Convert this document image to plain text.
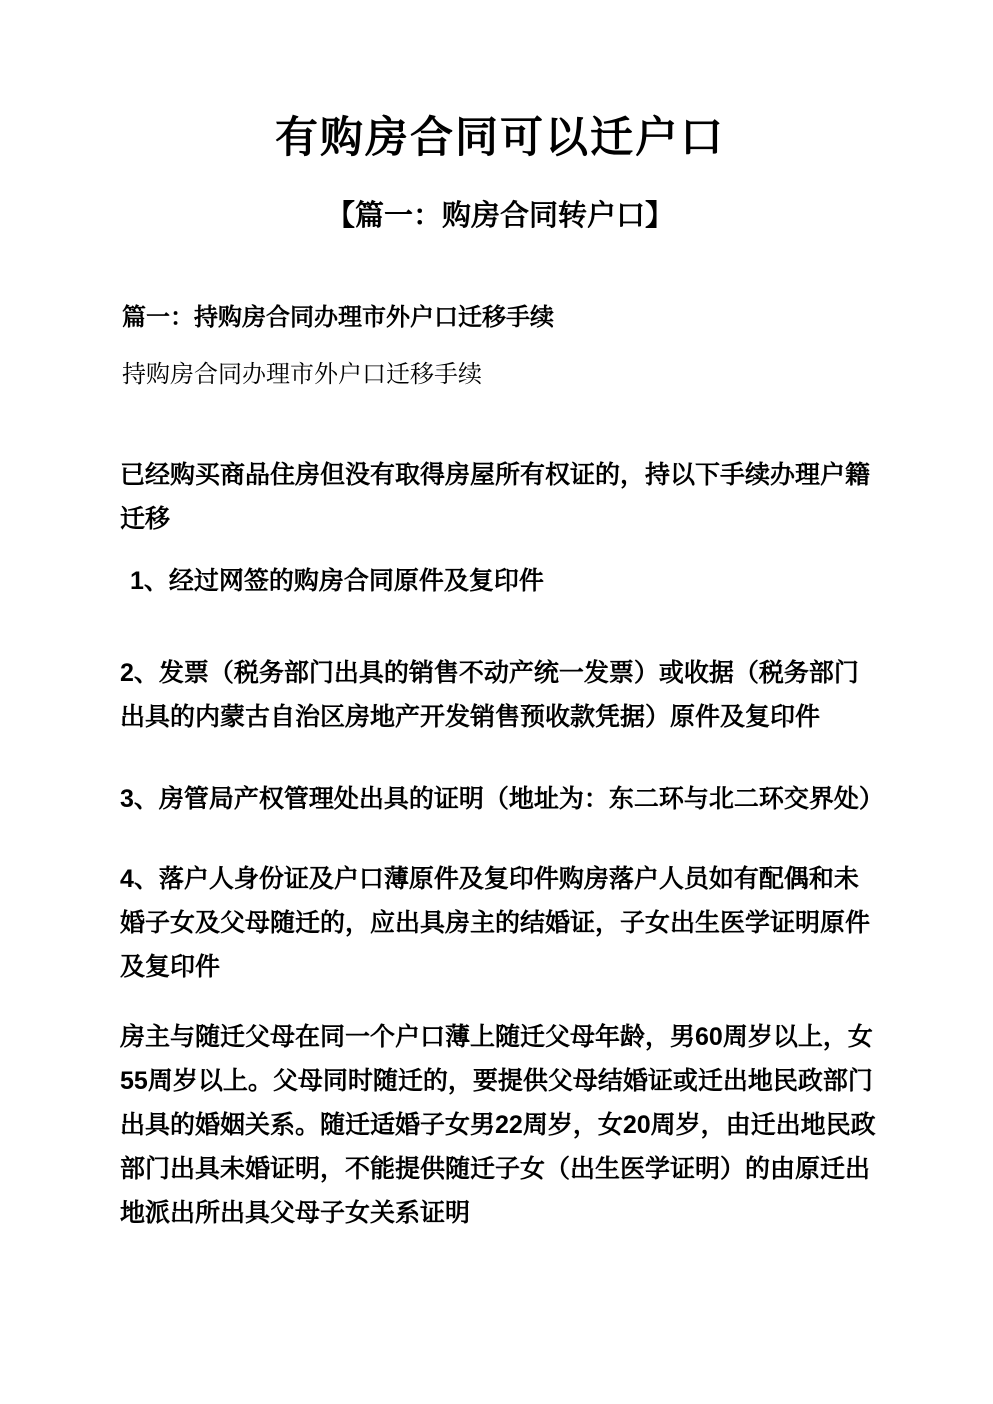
有购房合同可以迁户口
【篇一：购房合同转户口】

篇一：持购房合同办理市外户口迁移手续

持购房合同办理市外户口迁移手续

已经购买商品住房但没有取得房屋所有权证的，持以下手续办理户籍迁移

1、经过网签的购房合同原件及复印件

2、发票（税务部门出具的销售不动产统一发票）或收据（税务部门出具的内蒙古自治区房地产开发销售预收款凭据）原件及复印件

3、房管局产权管理处出具的证明（地址为：东二环与北二环交界处）

4、落户人身份证及户口薄原件及复印件购房落户人员如有配偶和未婚子女及父母随迁的，应出具房主的结婚证，子女出生医学证明原件及复印件

房主与随迁父母在同一个户口薄上随迁父母年龄，男60周岁以上，女55周岁以上。父母同时随迁的，要提供父母结婚证或迁出地民政部门出具的婚姻关系。随迁适婚子女男22周岁，女20周岁，由迁出地民政部门出具未婚证明，不能提供随迁子女（出生医学证明）的由原迁出地派出所出具父母子女关系证明
